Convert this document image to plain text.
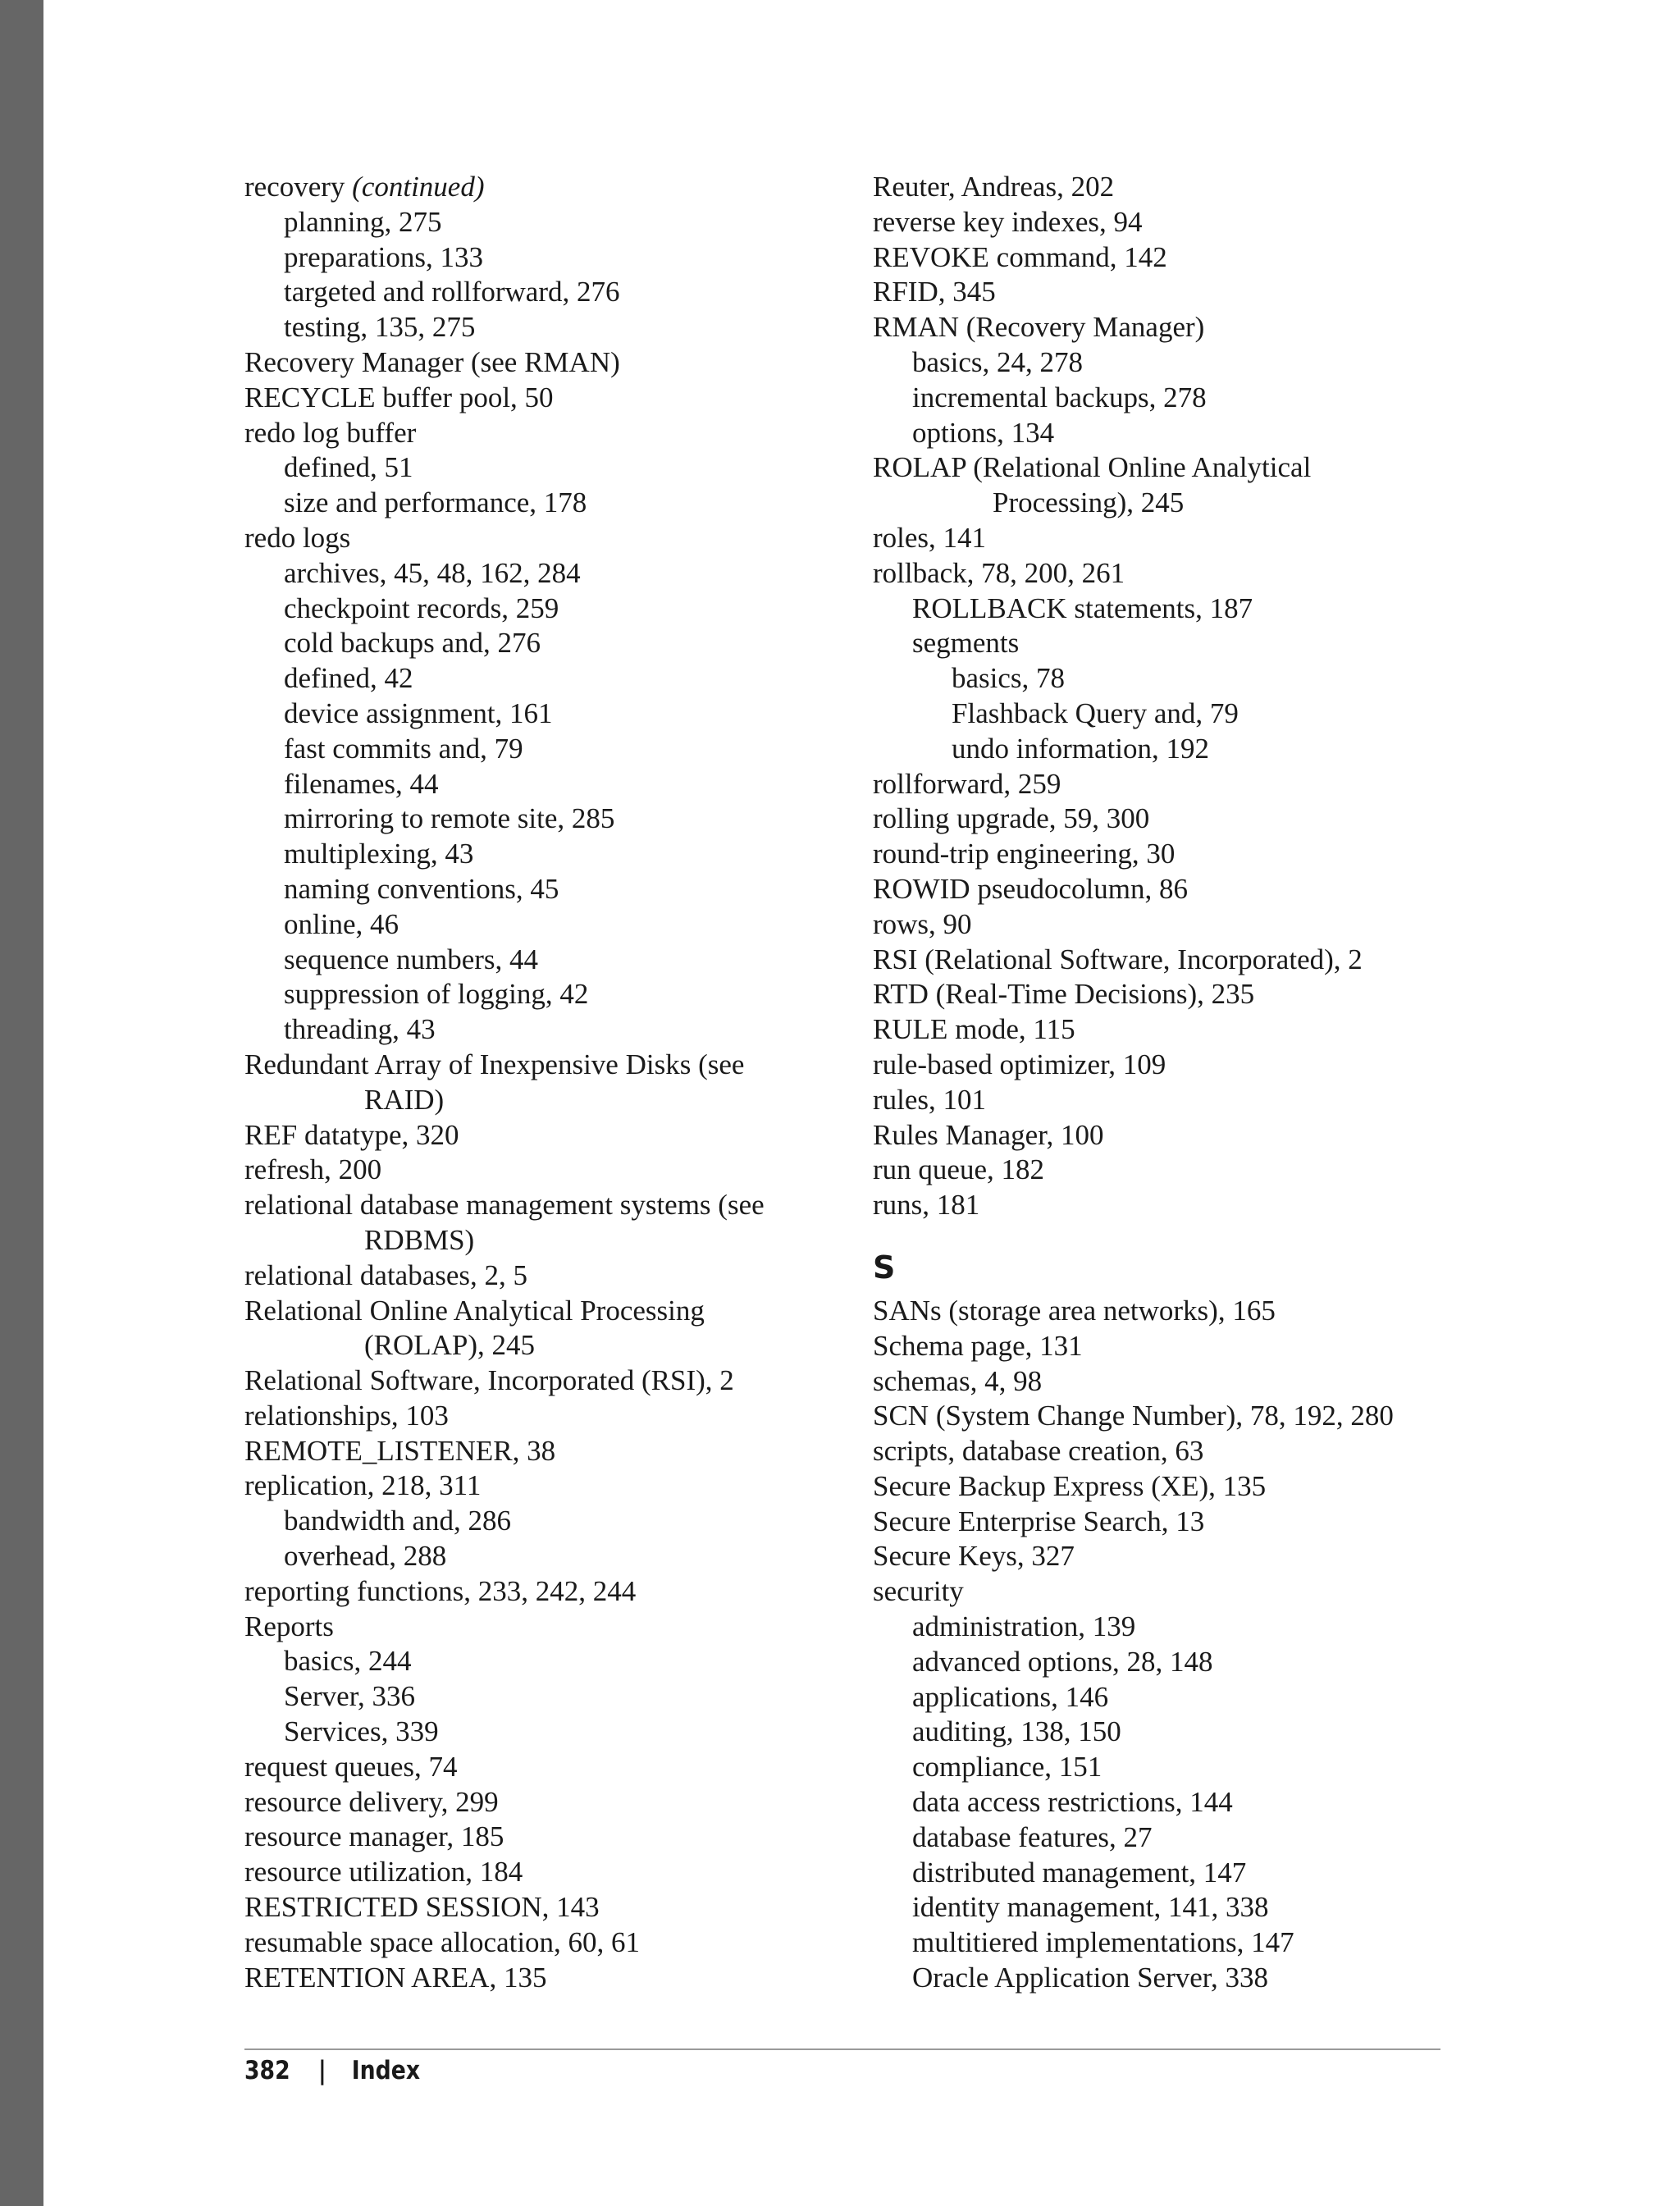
recovery (continued)
planning, 275
preparations, 133
targeted and rollforward, 276
testing, 135, 275
Recovery Manager (see RMAN)
RECYCLE buffer pool, 50
redo log buffer
defined, 51
size and performance, 178
redo logs
archives, 45, 48, 162, 284
checkpoint records, 259
cold backups and, 276
defined, 42
device assignment, 161
fast commits and, 79
filenames, 44
mirroring to remote site, 285
multiplexing, 43
naming conventions, 45
online, 46
sequence numbers, 44
suppression of logging, 42
threading, 43
Redundant Array of Inexpensive Disks (see
RAID)
REF datatype, 320
refresh, 200
relational database management systems (see
RDBMS)
relational databases, 2, 5
Relational Online Analytical Processing
(ROLAP), 245
Relational Software, Incorporated (RSI), 2
relationships, 103
REMOTE_LISTENER, 38
replication, 218, 311
bandwidth and, 286
overhead, 288
reporting functions, 233, 242, 244
Reports
basics, 244
Server, 336
Services, 339
request queues, 74
resource delivery, 299
resource manager, 185
resource utilization, 184
RESTRICTED SESSION, 143
resumable space allocation, 60, 61
RETENTION AREA, 135
Reuter, Andreas, 202
reverse key indexes, 94
REVOKE command, 142
RFID, 345
RMAN (Recovery Manager)
basics, 24, 278
incremental backups, 278
options, 134
ROLAP (Relational Online Analytical
Processing), 245
roles, 141
rollback, 78, 200, 261
ROLLBACK statements, 187
segments
basics, 78
Flashback Query and, 79
undo information, 192
rollforward, 259
rolling upgrade, 59, 300
round-trip engineering, 30
ROWID pseudocolumn, 86
rows, 90
RSI (Relational Software, Incorporated), 2
RTD (Real-Time Decisions), 235
RULE mode, 115
rule-based optimizer, 109
rules, 101
Rules Manager, 100
run queue, 182
runs, 181
S
SANs (storage area networks), 165
Schema page, 131
schemas, 4, 98
SCN (System Change Number), 78, 192, 280
scripts, database creation, 63
Secure Backup Express (XE), 135
Secure Enterprise Search, 13
Secure Keys, 327
security
administration, 139
advanced options, 28, 148
applications, 146
auditing, 138, 150
compliance, 151
data access restrictions, 144
database features, 27
distributed management, 147
identity management, 141, 338
multitiered implementations, 147
Oracle Application Server, 338
382 | Index
